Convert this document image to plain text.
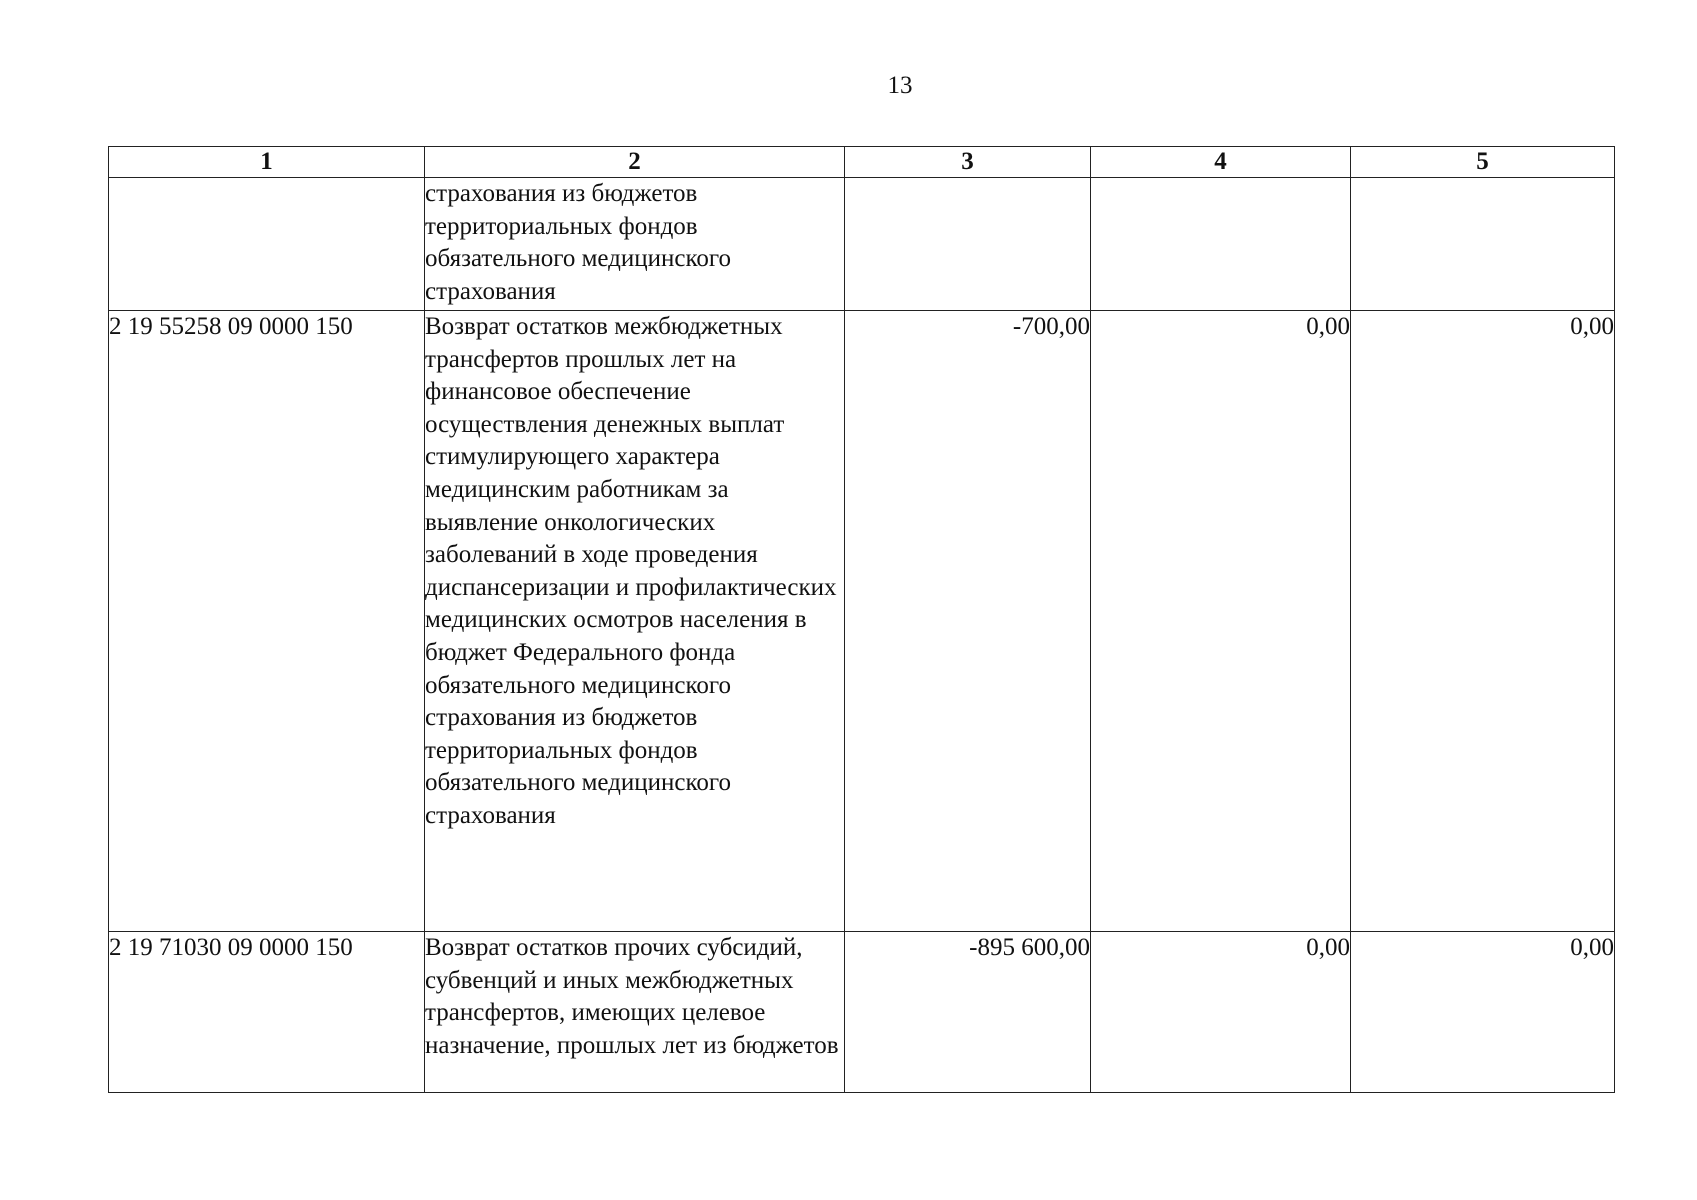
13
1	2	3	4	5
	страхования из бюджетов территориальных фондов обязательного медицинского страхования			
2 19 55258 09 0000 150	Возврат остатков межбюджетных трансфертов прошлых лет на финансовое обеспечение осуществления денежных выплат стимулирующего характера медицинским работникам за выявление онкологических заболеваний в ходе проведения диспансеризации и профилактических медицинских осмотров населения в бюджет Федерального фонда обязательного медицинского страхования из бюджетов территориальных фондов обязательного медицинского страхования	-700,00	0,00	0,00
2 19 71030 09 0000 150	Возврат остатков прочих субсидий, субвенций и иных межбюджетных трансфертов, имеющих целевое назначение, прошлых лет из бюджетов	-895 600,00	0,00	0,00
